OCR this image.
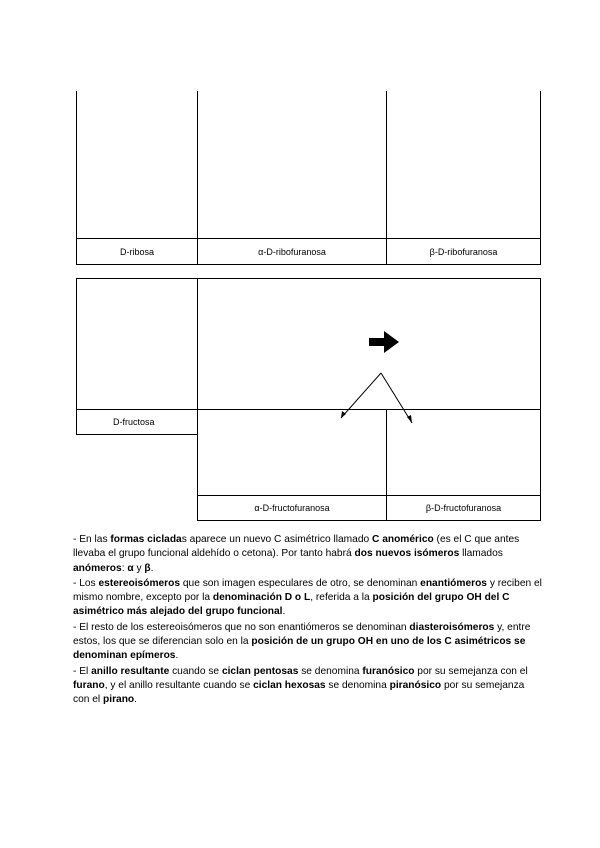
D-ribosa	α-D-ribofuranosa	β-D-ribofuranosa
D-fructosa
α-D-fructofuranosa	β-D-fructofuranosa

- En las formas cicladas aparece un nuevo C asimétrico llamado C anomérico (es el C que antes llevaba el grupo funcional aldehído o cetona). Por tanto habrá dos nuevos isómeros llamados anómeros: α y β.

- Los estereoisómeros que son imagen especulares de otro, se denominan enantiómeros y reciben el mismo nombre, excepto por la denominación D o L, referida a la posición del grupo OH del C asimétrico más alejado del grupo funcional.

- El resto de los estereoisómeros que no son enantiómeros se denominan diasteroisómeros y, entre estos, los que se diferencian solo en la posición de un grupo OH en uno de los C asimétricos se denominan epímeros.

- El anillo resultante cuando se ciclan pentosas se denomina furanósico por su semejanza con el furano, y el anillo resultante cuando se ciclan hexosas se denomina piranósico por su semejanza con el pirano.
